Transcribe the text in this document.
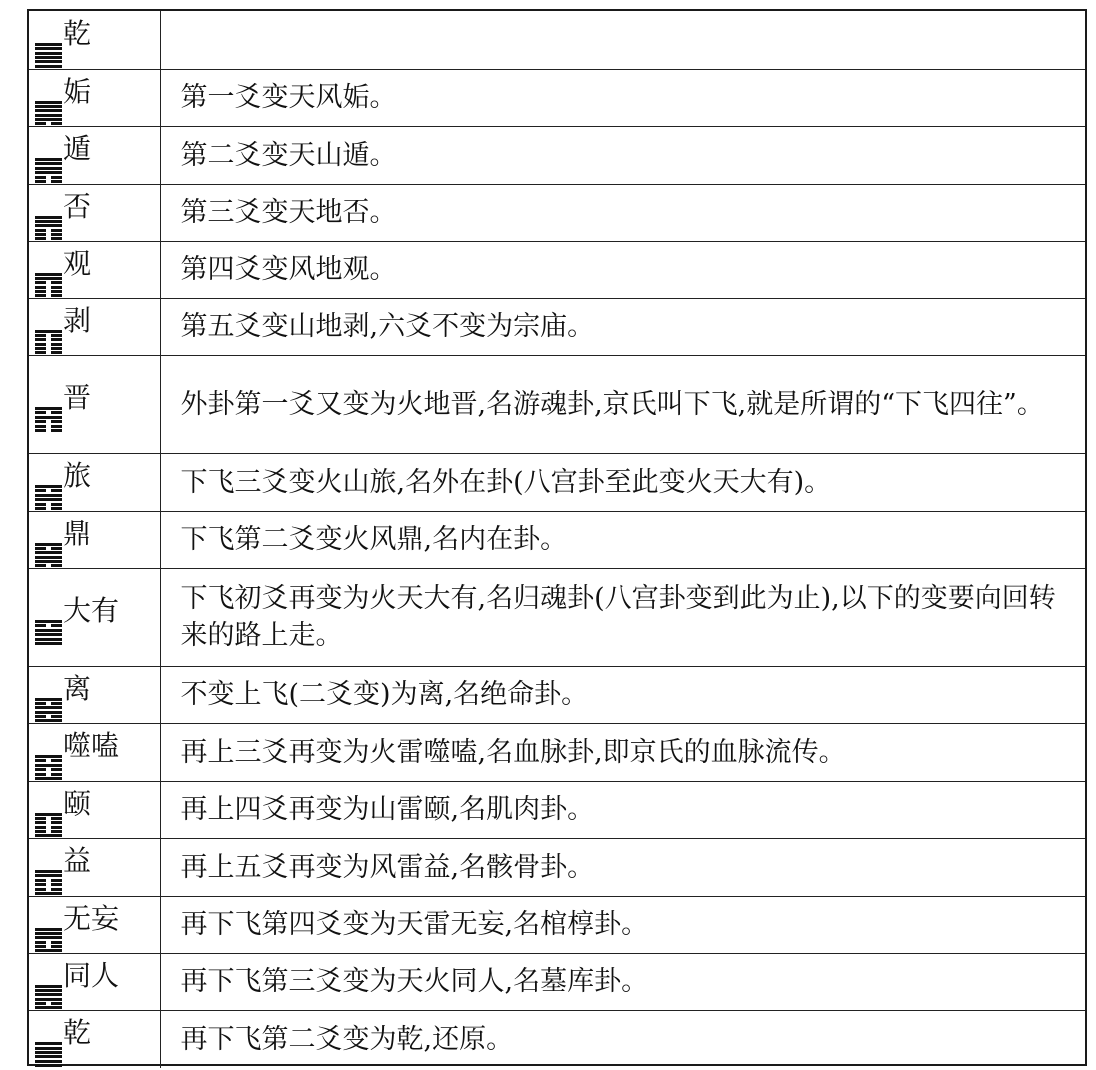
乾	

姤	第一爻变天风姤。

遁	第二爻变天山遁。

否	第三爻变天地否。

观	第四爻变风地观。

剥	第五爻变山地剥,六爻不变为宗庙。

晋	外卦第一爻又变为火地晋,名游魂卦,京氏叫下飞,就是所谓的“下飞四往”。

旅	下飞三爻变火山旅,名外在卦(八宫卦至此变火天大有)。

鼎	下飞第二爻变火风鼎,名内在卦。

大有	下飞初爻再变为火天大有,名归魂卦(八宫卦变到此为止),以下的变要向回转来的路上走。

离	不变上飞(二爻变)为离,名绝命卦。

噬嗑	再上三爻再变为火雷噬嗑,名血脉卦,即京氏的血脉流传。

颐	再上四爻再变为山雷颐,名肌肉卦。

益	再上五爻再变为风雷益,名骸骨卦。

无妄	再下飞第四爻变为天雷无妄,名棺椁卦。

同人	再下飞第三爻变为天火同人,名墓库卦。

乾	再下飞第二爻变为乾,还原。
